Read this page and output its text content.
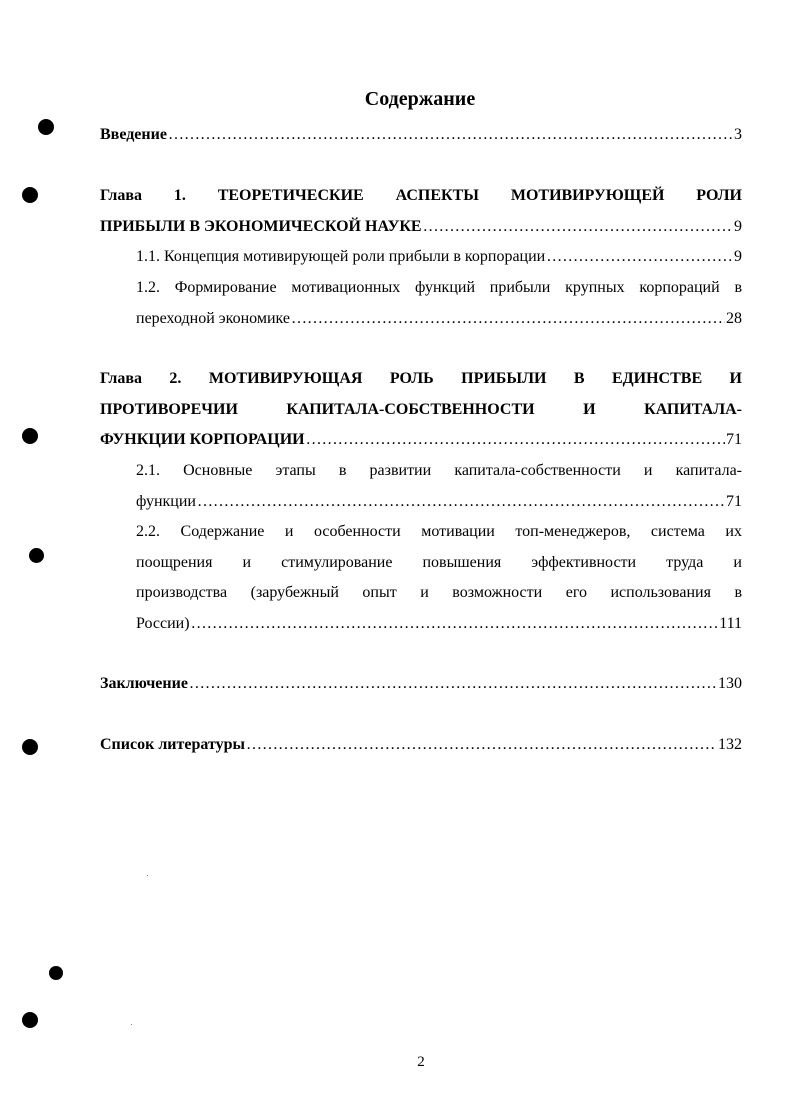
Содержание
Введение ……………………………………………………………………………………………………………………………………………………………………………………………	3
Глава 1. ТЕОРЕТИЧЕСКИЕ АСПЕКТЫ МОТИВИРУЮЩЕЙ РОЛИ
ПРИБЫЛИ В ЭКОНОМИЧЕСКОЙ НАУКЕ ……………………………………………………………………………………………………………………………………………………………………………………………	9
1.1. Концепция мотивирующей роли прибыли в корпорации ……………………………………………………………………………………………………………………………………………………………………………………………	9
1.2. Формирование мотивационных функций прибыли крупных корпораций в
переходной экономике ……………………………………………………………………………………………………………………………………………………………………………………………	28
Глава 2. МОТИВИРУЮЩАЯ РОЛЬ ПРИБЫЛИ В ЕДИНСТВЕ И
ПРОТИВОРЕЧИИ КАПИТАЛА-СОБСТВЕННОСТИ И КАПИТАЛА-
ФУНКЦИИ КОРПОРАЦИИ ……………………………………………………………………………………………………………………………………………………………………………………………	71
2.1. Основные этапы в развитии капитала-собственности и капитала-
функции ……………………………………………………………………………………………………………………………………………………………………………………………	71
2.2. Содержание и особенности мотивации топ-менеджеров, система их
поощрения и стимулирование повышения эффективности труда и
производства (зарубежный опыт и возможности его использования в
России) ……………………………………………………………………………………………………………………………………………………………………………………………	111
Заключение ……………………………………………………………………………………………………………………………………………………………………………………………	130
Список литературы ……………………………………………………………………………………………………………………………………………………………………………………………	132
2
